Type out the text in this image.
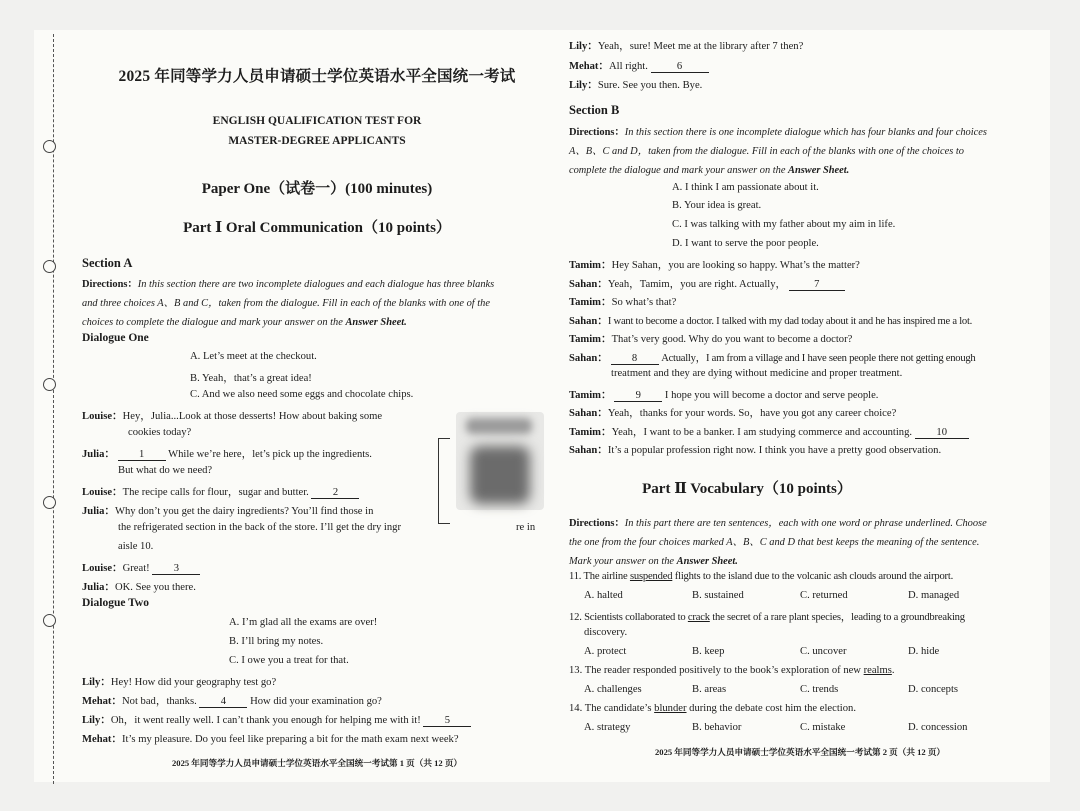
2025 年同等学力人员申请硕士学位英语水平全国统一考试
ENGLISH QUALIFICATION TEST FOR
MASTER-DEGREE APPLICANTS
Paper One（试卷一）(100 minutes)
Part Ⅰ Oral Communication（10 points）
Section A
Directions：In this section there are two incomplete dialogues and each dialogue has three blanks
and three choices A、B and C，taken from the dialogue. Fill in each of the blanks with one of the
choices to complete the dialogue and mark your answer on the Answer Sheet.
Dialogue One
A. Let’s meet at the checkout.
B. Yeah，that’s a great idea!
C. And we also need some eggs and chocolate chips.
Louise：Hey，Julia...Look at those desserts! How about baking some
cookies today?
Julia： 1 While we’re here，let’s pick up the ingredients.
But what do we need?
Louise：The recipe calls for flour，sugar and butter. 2
Julia：Why don’t you get the dairy ingredients? You’ll find those in
the refrigerated section in the back of the store. I’ll get the dry ingr	re in
aisle 10.
Louise：Great! 3
Julia：OK. See you there.
Dialogue Two
A. I’m glad all the exams are over!
B. I’ll bring my notes.
C. I owe you a treat for that.
Lily：Hey! How did your geography test go?
Mehat：Not bad，thanks. 4 How did your examination go?
Lily：Oh，it went really well. I can’t thank you enough for helping me with it! 5
Mehat：It’s my pleasure. Do you feel like preparing a bit for the math exam next week?
2025 年同等学力人员申请硕士学位英语水平全国统一考试第 1 页（共 12 页）
Lily：Yeah，sure! Meet me at the library after 7 then?
Mehat：All right.	6
Lily：Sure. See you then. Bye.
Section B
Directions：In this section there is one incomplete dialogue which has four blanks and four choices
A、B、C and D，taken from the dialogue. Fill in each of the blanks with one of the choices to
complete the dialogue and mark your answer on the Answer Sheet.
A. I think I am passionate about it.
B. Your idea is great.
C. I was talking with my father about my aim in life.
D. I want to serve the poor people.
Tamim：Hey Sahan，you are looking so happy. What’s the matter?
Sahan：Yeah，Tamim，you are right. Actually，	7
Tamim：So what’s that?
Sahan：I want to become a doctor. I talked with my dad today about it and he has inspired me a lot.
Tamim：That’s very good. Why do you want to become a doctor?
Sahan： 8 Actually，I am from a village and I have seen people there not getting enough
treatment and they are dying without medicine and proper treatment.
Tamim： 9 I hope you will become a doctor and serve people.
Sahan：Yeah，thanks for your words. So，have you got any career choice?
Tamim：Yeah，I want to be a banker. I am studying commerce and accounting. 10
Sahan：It’s a popular profession right now. I think you have a pretty good observation.
Part Ⅱ Vocabulary（10 points）
Directions：In this part there are ten sentences，each with one word or phrase underlined. Choose
the one from the four choices marked A、B、C and D that best keeps the meaning of the sentence.
Mark your answer on the Answer Sheet.
11. The airline suspended flights to the island due to the volcanic ash clouds around the airport.
A. halted	B. sustained	C. returned	D. managed
12. Scientists collaborated to crack the secret of a rare plant species，leading to a groundbreaking
discovery.
A. protect	B. keep	C. uncover	D. hide
13. The reader responded positively to the book’s exploration of new realms.
A. challenges	B. areas	C. trends	D. concepts
14. The candidate’s blunder during the debate cost him the election.
A. strategy	B. behavior	C. mistake	D. concession
2025 年同等学力人员申请硕士学位英语水平全国统一考试第 2 页（共 12 页）
